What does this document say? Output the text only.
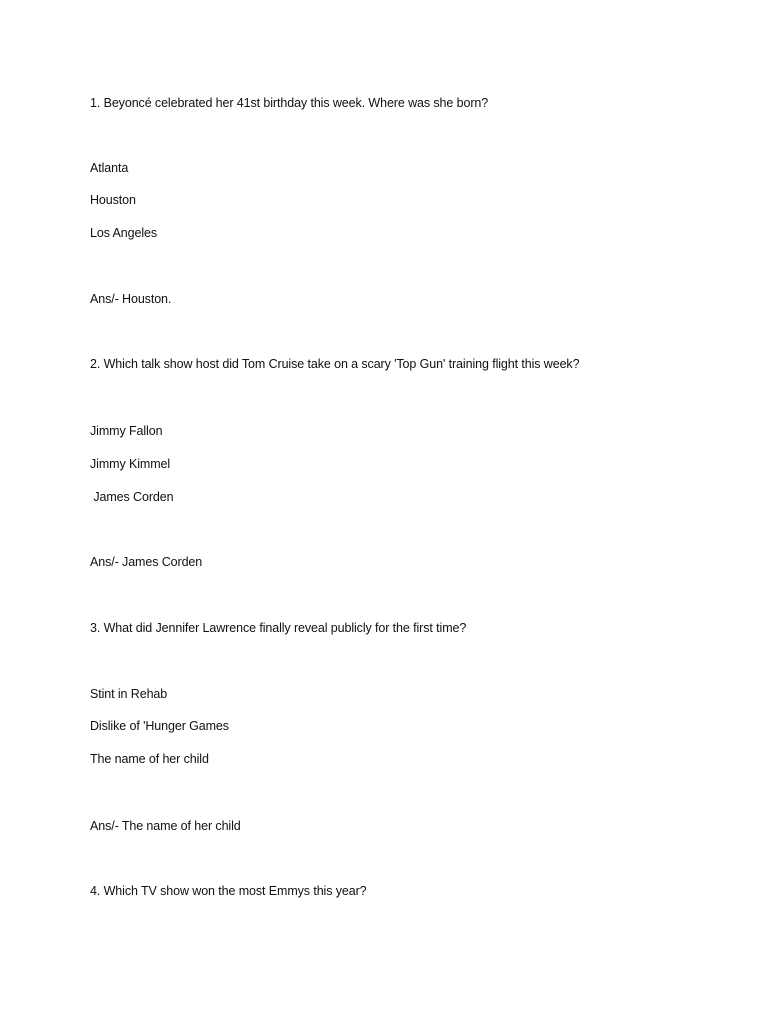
1. Beyoncé celebrated her 41st birthday this week. Where was she born?
Atlanta
Houston
Los Angeles
Ans/- Houston.
2. Which talk show host did Tom Cruise take on a scary 'Top Gun' training flight this week?
Jimmy Fallon
Jimmy Kimmel
James Corden
Ans/- James Corden
3. What did Jennifer Lawrence finally reveal publicly for the first time?
Stint in Rehab
Dislike of 'Hunger Games
The name of her child
Ans/- The name of her child
4. Which TV show won the most Emmys this year?
